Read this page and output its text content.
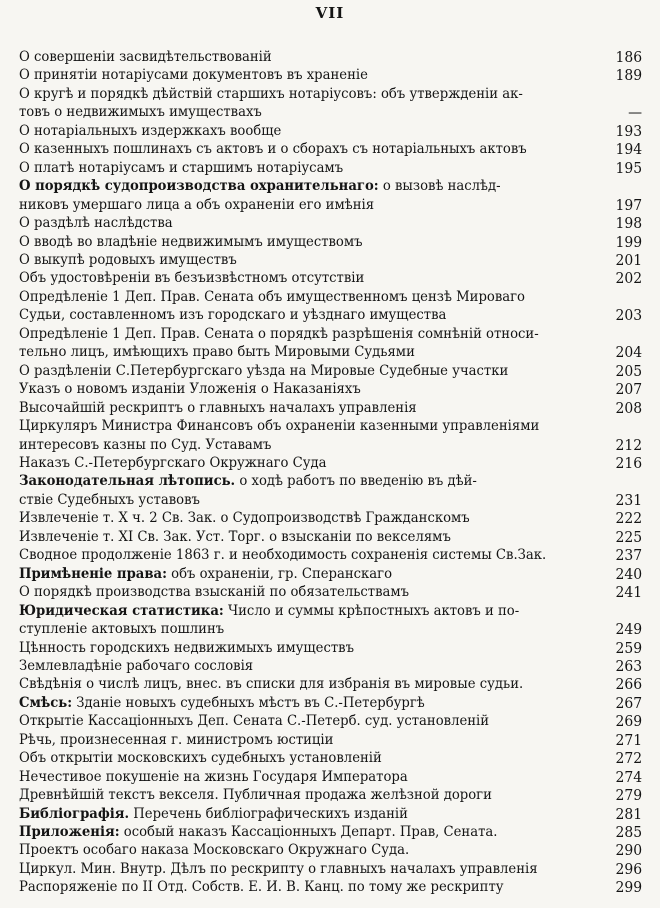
VII
О совершенiи засвидѣтельствованiй	186
О принятiи нотарiусами документовъ въ храненiе	189
О кругѣ и порядкѣ дѣйствiй старшихъ нотарiусовъ: объ утвержденiи ак-
товъ о недвижимыхъ имуществахъ	—
О нотарiальныхъ издержкахъ вообще	193
О казенныхъ пошлинахъ съ актовъ и о сборахъ съ нотарiальныхъ актовъ	194
О платѣ нотарiусамъ и старшимъ нотарiусамъ	195
О порядкѣ судопроизводства охранительнаго: о вызовѣ наслѣд-
никовъ умершаго лица а объ охраненiи его имѣнiя	197
О раздѣлѣ наслѣдства	198
О вводѣ во владѣнiе недвижимымъ имуществомъ	199
О выкупѣ родовыхъ имуществъ	201
Объ удостовѣренiи въ безъизвѣстномъ отсутствiи	202
Опредѣленiе 1 Деп. Прав. Сената объ имущественномъ цензѣ Мироваго
Судьи, составленномъ изъ городскаго и уѣзднаго имущества	203
Опредѣленiе 1 Деп. Прав. Сената о порядкѣ разрѣшенiя сомнѣнiй относи-
тельно лицъ, имѣющихъ право быть Мировыми Судьями	204
О раздѣленiи С.Петербургскаго уѣзда на Мировые Судебные участки	205
Указъ о новомъ изданiи Уложенiя о Наказанiяхъ	207
Высочайшiй рескриптъ о главныхъ началахъ управленiя	208
Циркуляръ Министра Финансовъ объ охраненiи казенными управленiями
интересовъ казны по Суд. Уставамъ	212
Наказъ С.-Петербургскаго Окружнаго Суда	216
Законодательная лѣтопись. о ходѣ работъ по введенiю въ дѣй-
ствiе Судебныхъ уставовъ	231
Извлеченiе т. X ч. 2 Св. Зак. о Судопроизводствѣ Гражданскомъ	222
Извлеченiе т. XI Св. Зак. Уст. Торг. о взысканiи по векселямъ	225
Сводное продолженiе 1863 г. и необходимость сохраненiя системы Св.Зак.	237
Примѣненiе права: объ охраненiи, гр. Сперанскаго	240
О порядкѣ производства взысканiй по обязательствамъ	241
Юридическая статистика: Число и суммы крѣпостныхъ актовъ и по-
ступленiе актовыхъ пошлинъ	249
Цѣнность городскихъ недвижимыхъ имуществъ	259
Землевладѣнiе рабочаго сословiя	263
Свѣдѣнiя о числѣ лицъ, внес. въ списки для избранiя въ мировые судьи.	266
Смѣсь: Зданiе новыхъ судебныхъ мѣстъ въ С.-Петербургѣ	267
Открытiе Кассацiонныхъ Деп. Сената С.-Петерб. суд. установленiй	269
Рѣчь, произнесенная г. министромъ юстицiи	271
Объ открытiи московскихъ судебныхъ установленiй	272
Нечестивое покушенiе на жизнь Государя Императора	274
Древнѣйшiй текстъ векселя. Публичная продажа желѣзной дороги	279
Библiографiя. Перечень библiографическихъ изданiй	281
Приложенiя: особый наказъ Кассацiонныхъ Департ. Прав, Сената.	285
Проектъ особаго наказа Московскаго Окружнаго Суда.	290
Циркул. Мин. Внутр. Дѣлъ по рескрипту о главныхъ началахъ управленiя	296
Распоряженiе по II Отд. Собств. Е. И. В. Канц. по тому же рескрипту	299
